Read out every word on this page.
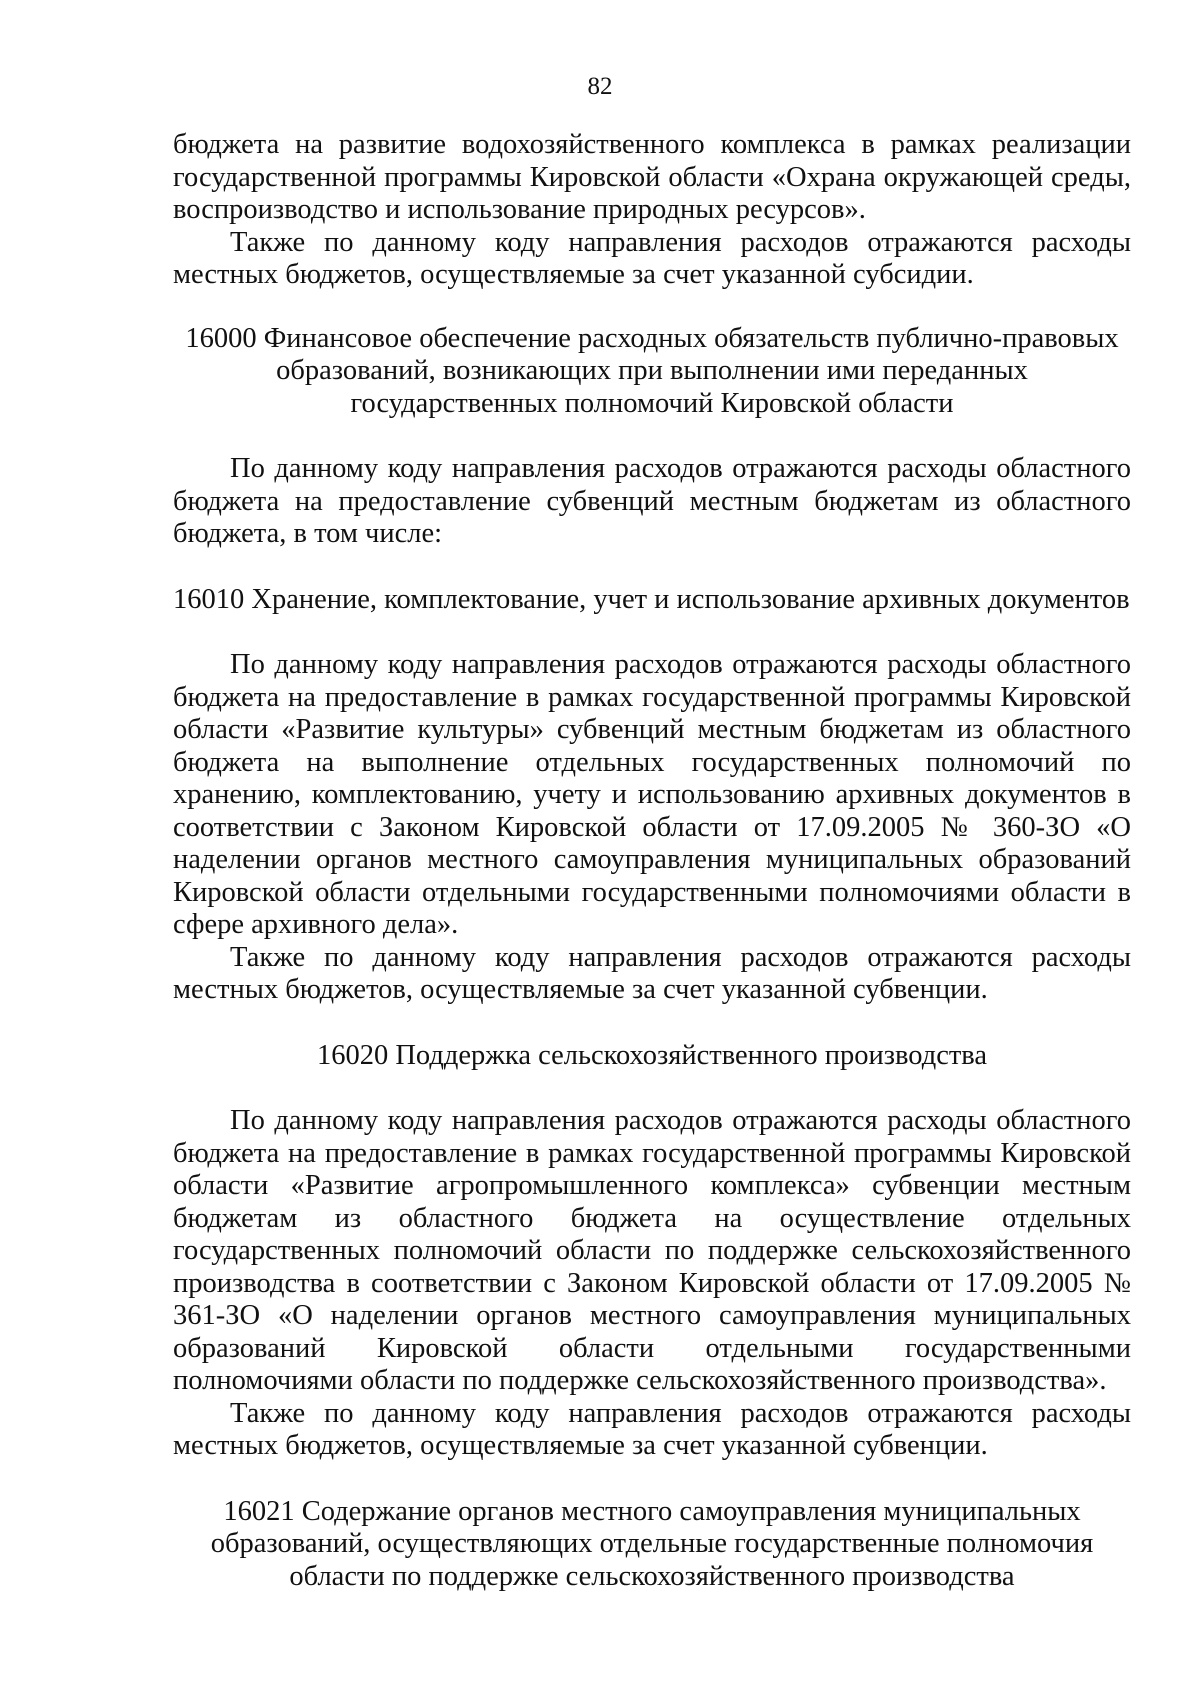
82

бюджета на развитие водохозяйственного комплекса в рамках реализации государственной программы Кировской области «Охрана окружающей среды, воспроизводство и использование природных ресурсов».

Также по данному коду направления расходов отражаются расходы местных бюджетов, осуществляемые за счет указанной субсидии.

16000 Финансовое обеспечение расходных обязательств публично-правовых образований, возникающих при выполнении ими переданных государственных полномочий Кировской области

По данному коду направления расходов отражаются расходы областного бюджета на предоставление субвенций местным бюджетам из областного бюджета, в том числе:

16010 Хранение, комплектование, учет и использование архивных документов

По данному коду направления расходов отражаются расходы областного бюджета на предоставление в рамках государственной программы Кировской области «Развитие культуры» субвенций местным бюджетам из областного бюджета на выполнение отдельных государственных полномочий по хранению, комплектованию, учету и использованию архивных документов в соответствии с Законом Кировской области от 17.09.2005 № 360-ЗО «О наделении органов местного самоуправления муниципальных образований Кировской области отдельными государственными полномочиями области в сфере архивного дела».

Также по данному коду направления расходов отражаются расходы местных бюджетов, осуществляемые за счет указанной субвенции.

16020 Поддержка сельскохозяйственного производства

По данному коду направления расходов отражаются расходы областного бюджета на предоставление в рамках государственной программы Кировской области «Развитие агропромышленного комплекса» субвенции местным бюджетам из областного бюджета на осуществление отдельных государственных полномочий области по поддержке сельскохозяйственного производства в соответствии с Законом Кировской области от 17.09.2005 № 361-ЗО «О наделении органов местного самоуправления муниципальных образований Кировской области отдельными государственными полномочиями области по поддержке сельскохозяйственного производства».

Также по данному коду направления расходов отражаются расходы местных бюджетов, осуществляемые за счет указанной субвенции.

16021 Содержание органов местного самоуправления муниципальных образований, осуществляющих отдельные государственные полномочия области по поддержке сельскохозяйственного производства
